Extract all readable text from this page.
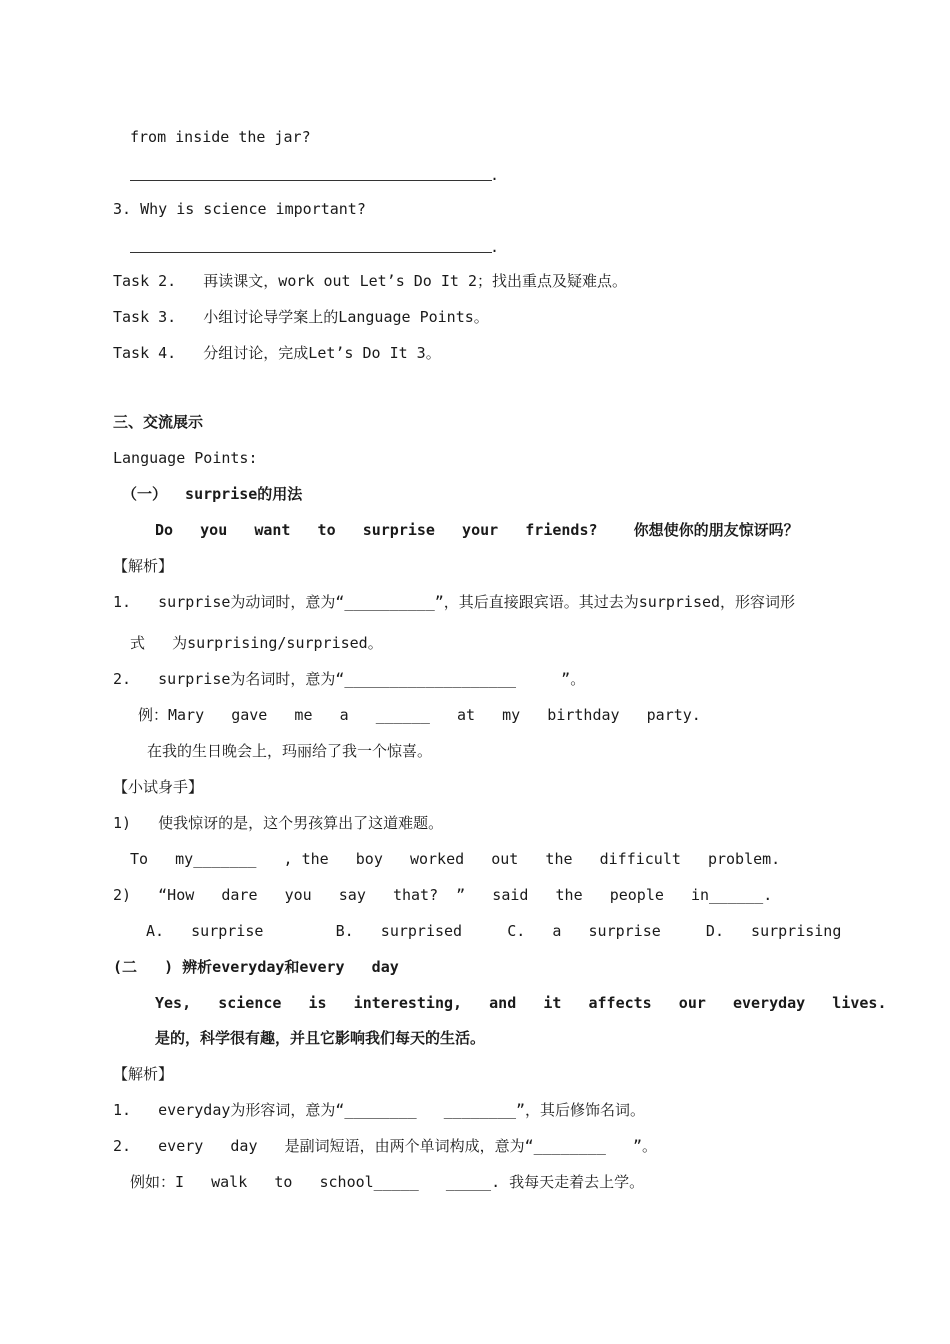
from inside the jar?
.
3. Why is science important?
.
Task 2.   再读课文，work out Let’s Do It 2；找出重点及疑难点。
Task 3.   小组讨论导学案上的Language Points。
Task 4.   分组讨论，完成Let’s Do It 3。
三、交流展示
Language Points:
（一）  surprise的用法
Do   you   want   to   surprise   your   friends?    你想使你的朋友惊讶吗？
【解析】
1.   surprise为动词时，意为“__________”，其后直接跟宾语。其过去为surprised，形容词形
式   为surprising/surprised。
2.   surprise为名词时，意为“___________________     ”。
例：Mary   gave   me   a   ______   at   my   birthday   party.
在我的生日晚会上，玛丽给了我一个惊喜。
【小试身手】
1)   使我惊讶的是，这个男孩算出了这道难题。
To   my_______   , the   boy   worked   out   the   difficult   problem.
2)   “How   dare   you   say   that?  ”   said   the   people   in______.
A.   surprise        B.   surprised     C.   a   surprise     D.   surprising
(二   ) 辨析everyday和every   day
Yes,   science   is   interesting,   and   it   affects   our   everyday   lives.
是的，科学很有趣，并且它影响我们每天的生活。
【解析】
1.   everyday为形容词，意为“________   ________”，其后修饰名词。
2.   every   day   是副词短语，由两个单词构成，意为“________   ”。
例如：I   walk   to   school_____   _____. 我每天走着去上学。
